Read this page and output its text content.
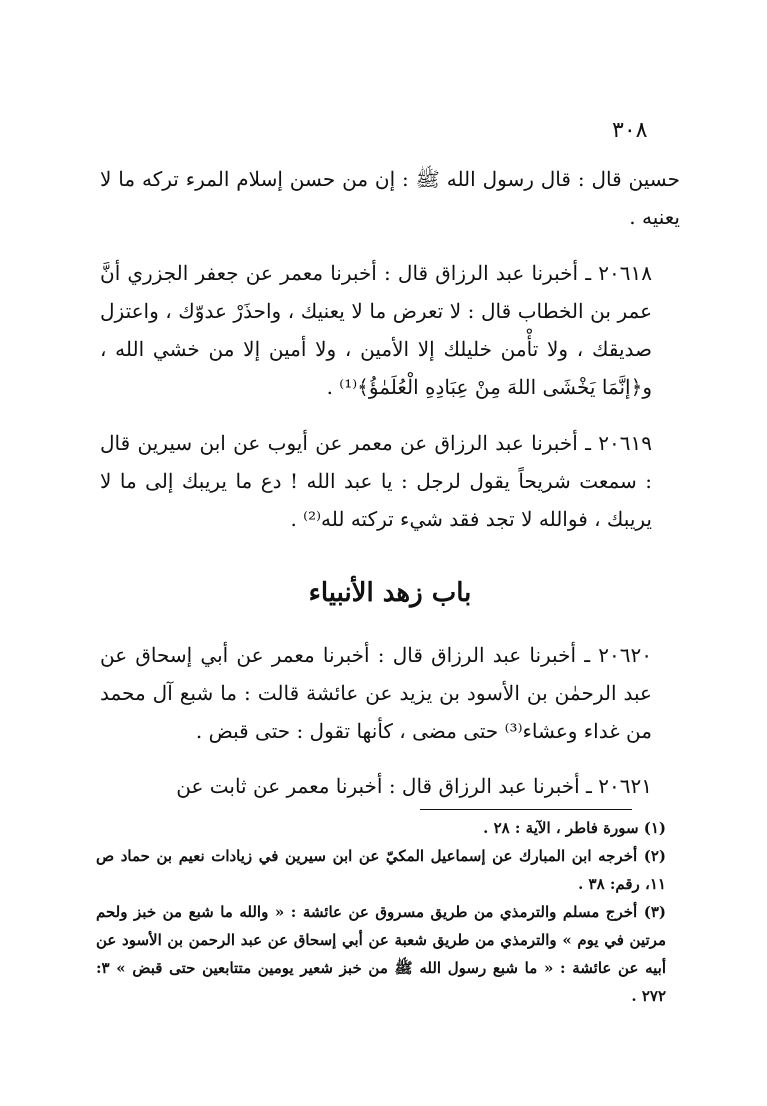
٣٠٨

حسين قال : قال رسول الله ﷺ : إن من حسن إسلام المرء تركه ما لا يعنيه .

٢٠٦١٨ ـ أخبرنا عبد الرزاق قال : أخبرنا معمر عن جعفر الجزري أنَّ عمر بن الخطاب قال : لا تعرض ما لا يعنيك ، واحذَرْ عدوّك ، واعتزل صديقك ، ولا تأْمن خليلك إلا الأمين ، ولا أمين إلا من خشي الله ، و﴿إنَّمَا يَخْشَى اللهَ مِنْ عِبَادِهِ الْعُلَمٰؤُ﴾⁽¹⁾ .

٢٠٦١٩ ـ أخبرنا عبد الرزاق عن معمر عن أيوب عن ابن سيرين قال : سمعت شريحاً يقول لرجل : يا عبد الله ! دع ما يريبك إلى ما لا يريبك ، فوالله لا تجد فقد شيء تركته لله⁽²⁾ .

باب زهد الأنبياء

٢٠٦٢٠ ـ أخبرنا عبد الرزاق قال : أخبرنا معمر عن أبي إسحاق عن عبد الرحمٰن بن الأسود بن يزيد عن عائشة قالت : ما شبع آل محمد من غداء وعشاء⁽³⁾ حتى مضى ، كأنها تقول : حتى قبض .

٢٠٦٢١ ـ أخبرنا عبد الرزاق قال : أخبرنا معمر عن ثابت عن

(١) سورة فاطر ، الآية : ٢٨ .

(٢) أخرجه ابن المبارك عن إسماعيل المكيّ عن ابن سيرين في زيادات نعيم بن حماد ص ١١، رقم: ٣٨ .

(٣) أخرج مسلم والترمذي من طريق مسروق عن عائشة : « والله ما شبع من خبز ولحم مرتين في يوم » والترمذي من طريق شعبة عن أبي إسحاق عن عبد الرحمن بن الأسود عن أبيه عن عائشة : « ما شبع رسول الله ﷺ من خبز شعير يومين متتابعين حتى قبض » ٣: ٢٧٢ .
